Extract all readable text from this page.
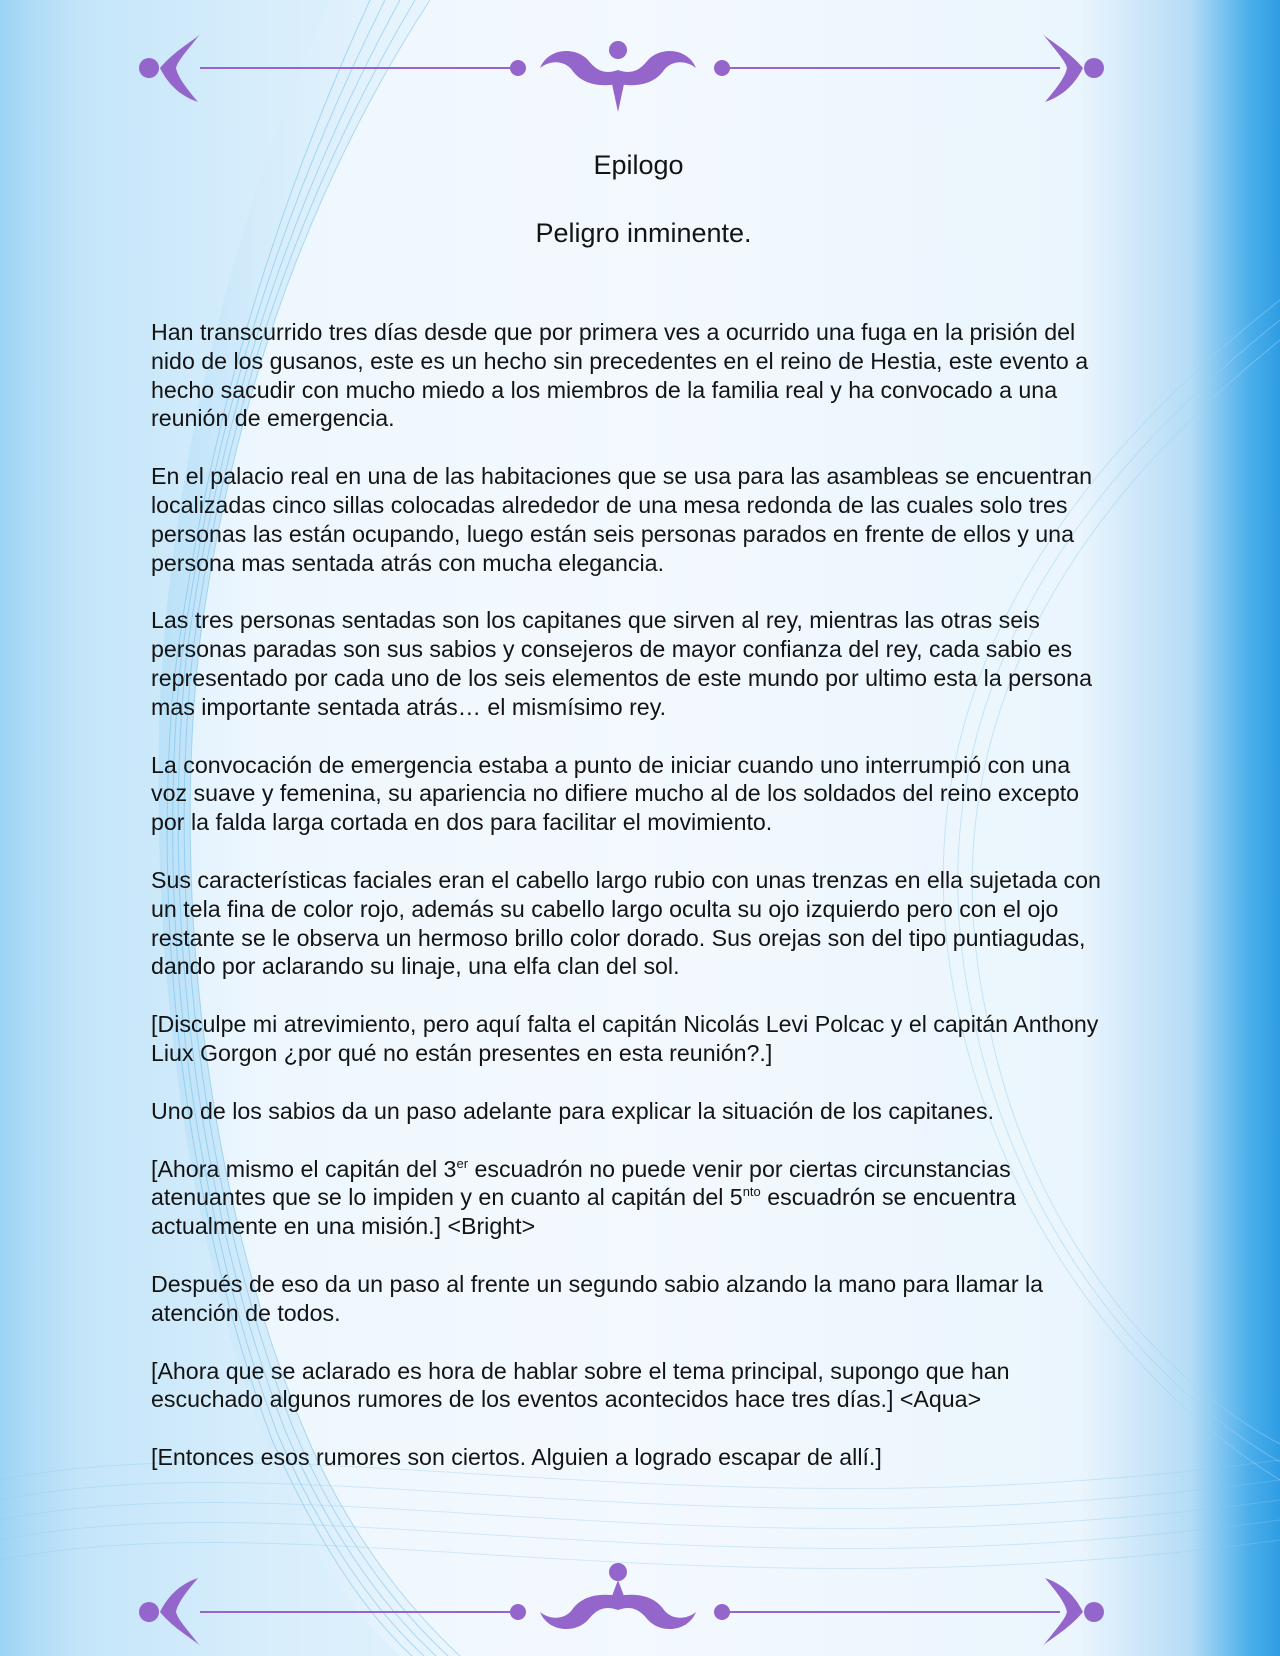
Epilogo
Peligro inminente.

Han transcurrido tres días desde que por primera ves a ocurrido una fuga en la prisión del nido de los gusanos, este es un hecho sin precedentes en el reino de Hestia, este evento a hecho sacudir con mucho miedo a los miembros de la familia real y ha convocado a una reunión de emergencia.

En el palacio real en una de las habitaciones que se usa para las asambleas se encuentran localizadas cinco sillas colocadas alrededor de una mesa redonda de las cuales solo tres personas las están ocupando, luego están seis personas parados en frente de ellos y una persona mas sentada atrás con mucha elegancia.

Las tres personas sentadas son los capitanes que sirven al rey, mientras las otras seis personas paradas son sus sabios y consejeros de mayor confianza del rey, cada sabio es representado por cada uno de los seis elementos de este mundo por ultimo esta la persona mas importante sentada atrás… el mismísimo rey.

La convocación de emergencia estaba a punto de iniciar cuando uno interrumpió con una voz suave y femenina, su apariencia no difiere mucho al de los soldados del reino excepto por la falda larga cortada en dos para facilitar el movimiento.

Sus características faciales eran el cabello largo rubio con unas trenzas en ella sujetada con un tela fina de color rojo, además su cabello largo oculta su ojo izquierdo pero con el ojo restante se le observa un hermoso brillo color dorado. Sus orejas son del tipo puntiagudas, dando por aclarando su linaje, una elfa clan del sol.

[Disculpe mi atrevimiento, pero aquí falta el capitán Nicolás Levi Polcac y el capitán Anthony Liux Gorgon ¿por qué no están presentes en esta reunión?.]

Uno de los sabios da un paso adelante para explicar la situación de los capitanes.

[Ahora mismo el capitán del 3er escuadrón no puede venir por ciertas circunstancias atenuantes que se lo impiden y en cuanto al capitán del $5^{nto}$ escuadrón se encuentra actualmente en una misión.] <Bright>

Después de eso da un paso al frente un segundo sabio alzando la mano para llamar la atención de todos.

[Ahora que se aclarado es hora de hablar sobre el tema principal, supongo que han escuchado algunos rumores de los eventos acontecidos hace tres días.] <Aqua>

[Entonces esos rumores son ciertos. Alguien a logrado escapar de allí.]
